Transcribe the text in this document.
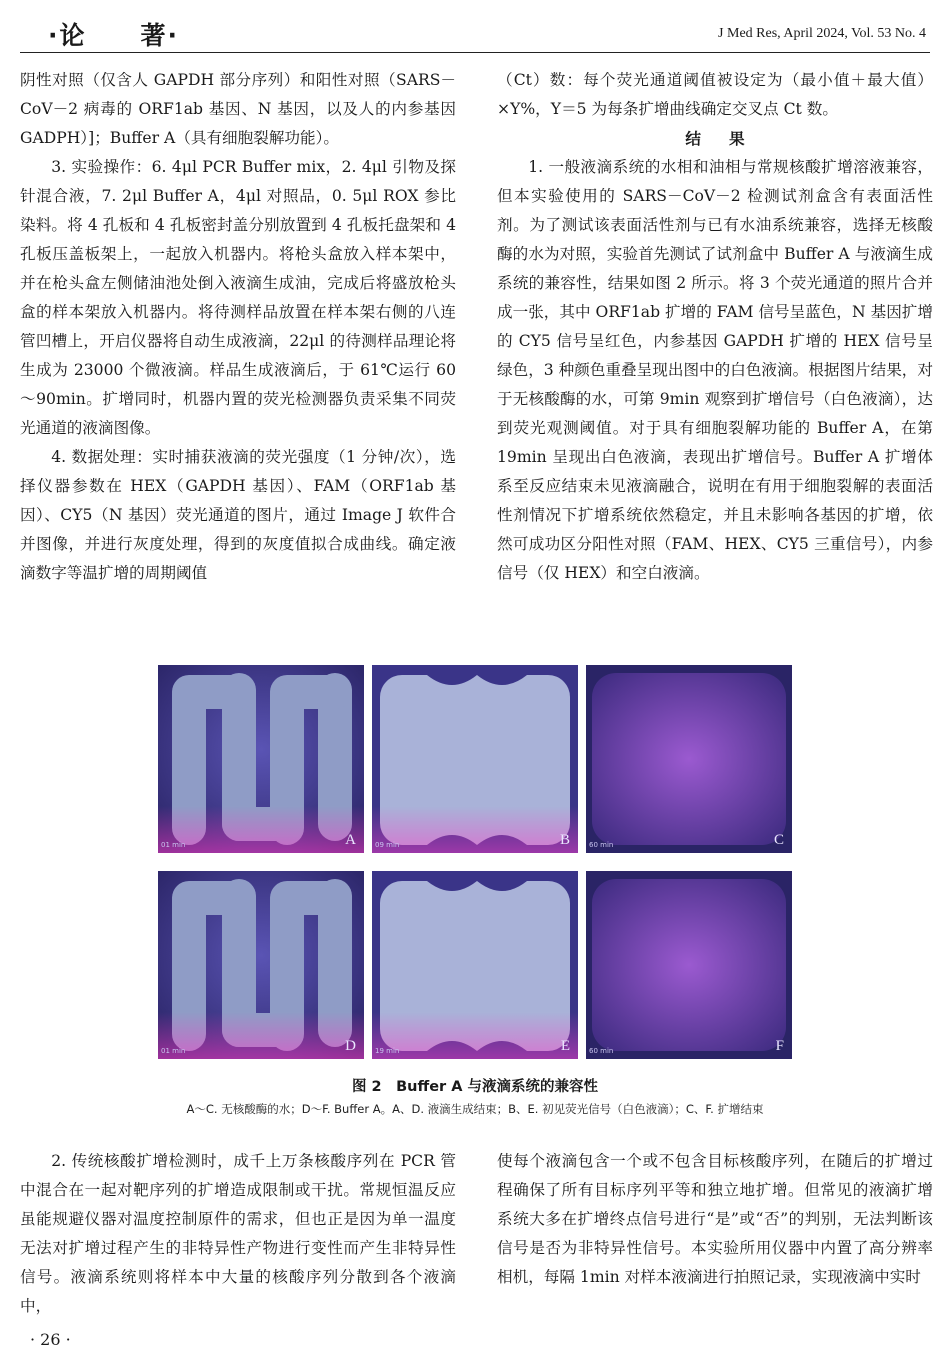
·论　　著·	J Med Res, April 2024, Vol. 53 No. 4

阴性对照（仅含人 GAPDH 部分序列）和阳性对照（SARS－CoV－2 病毒的 ORF1ab 基因、N 基因，以及人的内参基因 GADPH）]；Buffer A（具有细胞裂解功能）。

3. 实验操作：6. 4μl PCR Buffer mix，2. 4μl 引物及探针混合液，7. 2μl Buffer A，4μl 对照品，0. 5μl ROX 参比染料。将 4 孔板和 4 孔板密封盖分别放置到 4 孔板托盘架和 4 孔板压盖板架上，一起放入机器内。将枪头盒放入样本架中，并在枪头盒左侧储油池处倒入液滴生成油，完成后将盛放枪头盒的样本架放入机器内。将待测样品放置在样本架右侧的八连管凹槽上，开启仪器将自动生成液滴，22μl 的待测样品理论将生成为 23000 个微液滴。样品生成液滴后，于 61℃运行 60～90min。扩增同时，机器内置的荧光检测器负责采集不同荧光通道的液滴图像。

4. 数据处理：实时捕获液滴的荧光强度（1 分钟/次），选择仪器参数在 HEX（GAPDH 基因）、FAM（ORF1ab 基因）、CY5（N 基因）荧光通道的图片，通过 Image J 软件合并图像，并进行灰度处理，得到的灰度值拟合成曲线。确定液滴数字等温扩增的周期阈值

（Ct）数：每个荧光通道阈值被设定为（最小值＋最大值）×Y%，Y＝5 为每条扩增曲线确定交叉点 Ct 数。

结果

1. 一般液滴系统的水相和油相与常规核酸扩增溶液兼容，但本实验使用的 SARS－CoV－2 检测试剂盒含有表面活性剂。为了测试该表面活性剂与已有水油系统兼容，选择无核酸酶的水为对照，实验首先测试了试剂盒中 Buffer A 与液滴生成系统的兼容性，结果如图 2 所示。将 3 个荧光通道的照片合并成一张，其中 ORF1ab 扩增的 FAM 信号呈蓝色，N 基因扩增的 CY5 信号呈红色，内参基因 GAPDH 扩增的 HEX 信号呈绿色，3 种颜色重叠呈现出图中的白色液滴。根据图片结果，对于无核酸酶的水，可第 9min 观察到扩增信号（白色液滴），达到荧光观测阈值。对于具有细胞裂解功能的 Buffer A，在第 19min 呈现出白色液滴，表现出扩增信号。Buffer A 扩增体系至反应结束未见液滴融合，说明在有用于细胞裂解的表面活性剂情况下扩增系统依然稳定，并且未影响各基因的扩增，依然可成功区分阳性对照（FAM、HEX、CY5 三重信号），内参信号（仅 HEX）和空白液滴。

A
01 min	B
09 min	C
60 min
D
01 min	E
19 min	F
60 min
图 2　Buffer A 与液滴系统的兼容性
A～C. 无核酸酶的水；D～F. Buffer A。A、D. 液滴生成结束；B、E. 初见荧光信号（白色液滴）；C、F. 扩增结束

2. 传统核酸扩增检测时，成千上万条核酸序列在 PCR 管中混合在一起对靶序列的扩增造成限制或干扰。常规恒温反应虽能规避仪器对温度控制原件的需求，但也正是因为单一温度无法对扩增过程产生的非特异性产物进行变性而产生非特异性信号。液滴系统则将样本中大量的核酸序列分散到各个液滴中，

使每个液滴包含一个或不包含目标核酸序列，在随后的扩增过程确保了所有目标序列平等和独立地扩增。但常见的液滴扩增系统大多在扩增终点信号进行“是”或“否”的判别，无法判断该信号是否为非特异性信号。本实验所用仪器中内置了高分辨率相机，每隔 1min 对样本液滴进行拍照记录，实现液滴中实时

· 26 ·
